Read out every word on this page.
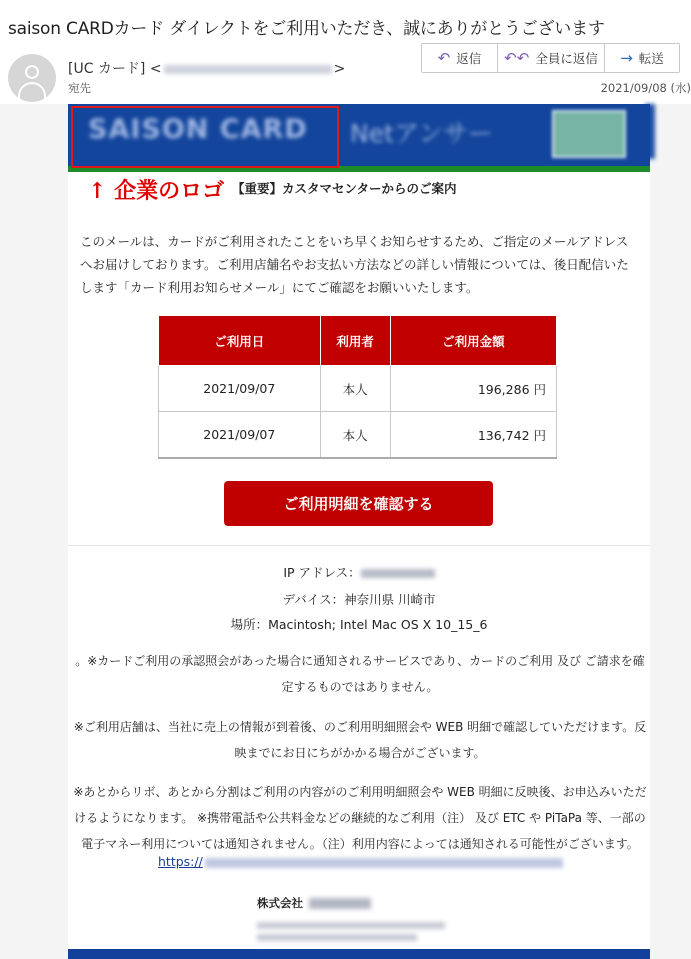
saison CARDカード ダイレクトをご利用いただき、誠にありがとうございます
[UC カード] <	>
宛先
↶ 返信 ↶↶ 全員に返信 → 転送
2021/09/08 (水)
SAISON CARD Netアンサー
↑ 企業のロゴ 【重要】カスタマセンターからのご案内
このメールは、カードがご利用されたことをいち早くお知らせするため、ご指定のメールアドレスへお届けしております。ご利用店舗名やお支払い方法などの詳しい情報については、後日配信いたします「カード利用お知らせメール」にてご確認をお願いいたします。
ご利用日	利用者	ご利用金額
2021/09/07	本人	196,286 円
2021/09/07	本人	136,742 円
ご利用明細を確認する
IP アドレス：
デバイス：神奈川県 川崎市
場所：Macintosh; Intel Mac OS X 10_15_6
。※カードご利用の承認照会があった場合に通知されるサービスであり、カードのご利用 及び ご請求を確定するものではありません。
※ご利用店舗は、当社に売上の情報が到着後、のご利用明細照会や WEB 明細で確認していただけます。反映までにお日にちがかかる場合がございます。
※あとからリボ、あとから分割はご利用の内容がのご利用明細照会や WEB 明細に反映後、お申込みいただけるようになります。 ※携帯電話や公共料金などの継続的なご利用（注） 及び ETC や PiTaPa 等、一部の電子マネー利用については通知されません。（注）利用内容によっては通知される可能性がございます。
https://
株式会社
